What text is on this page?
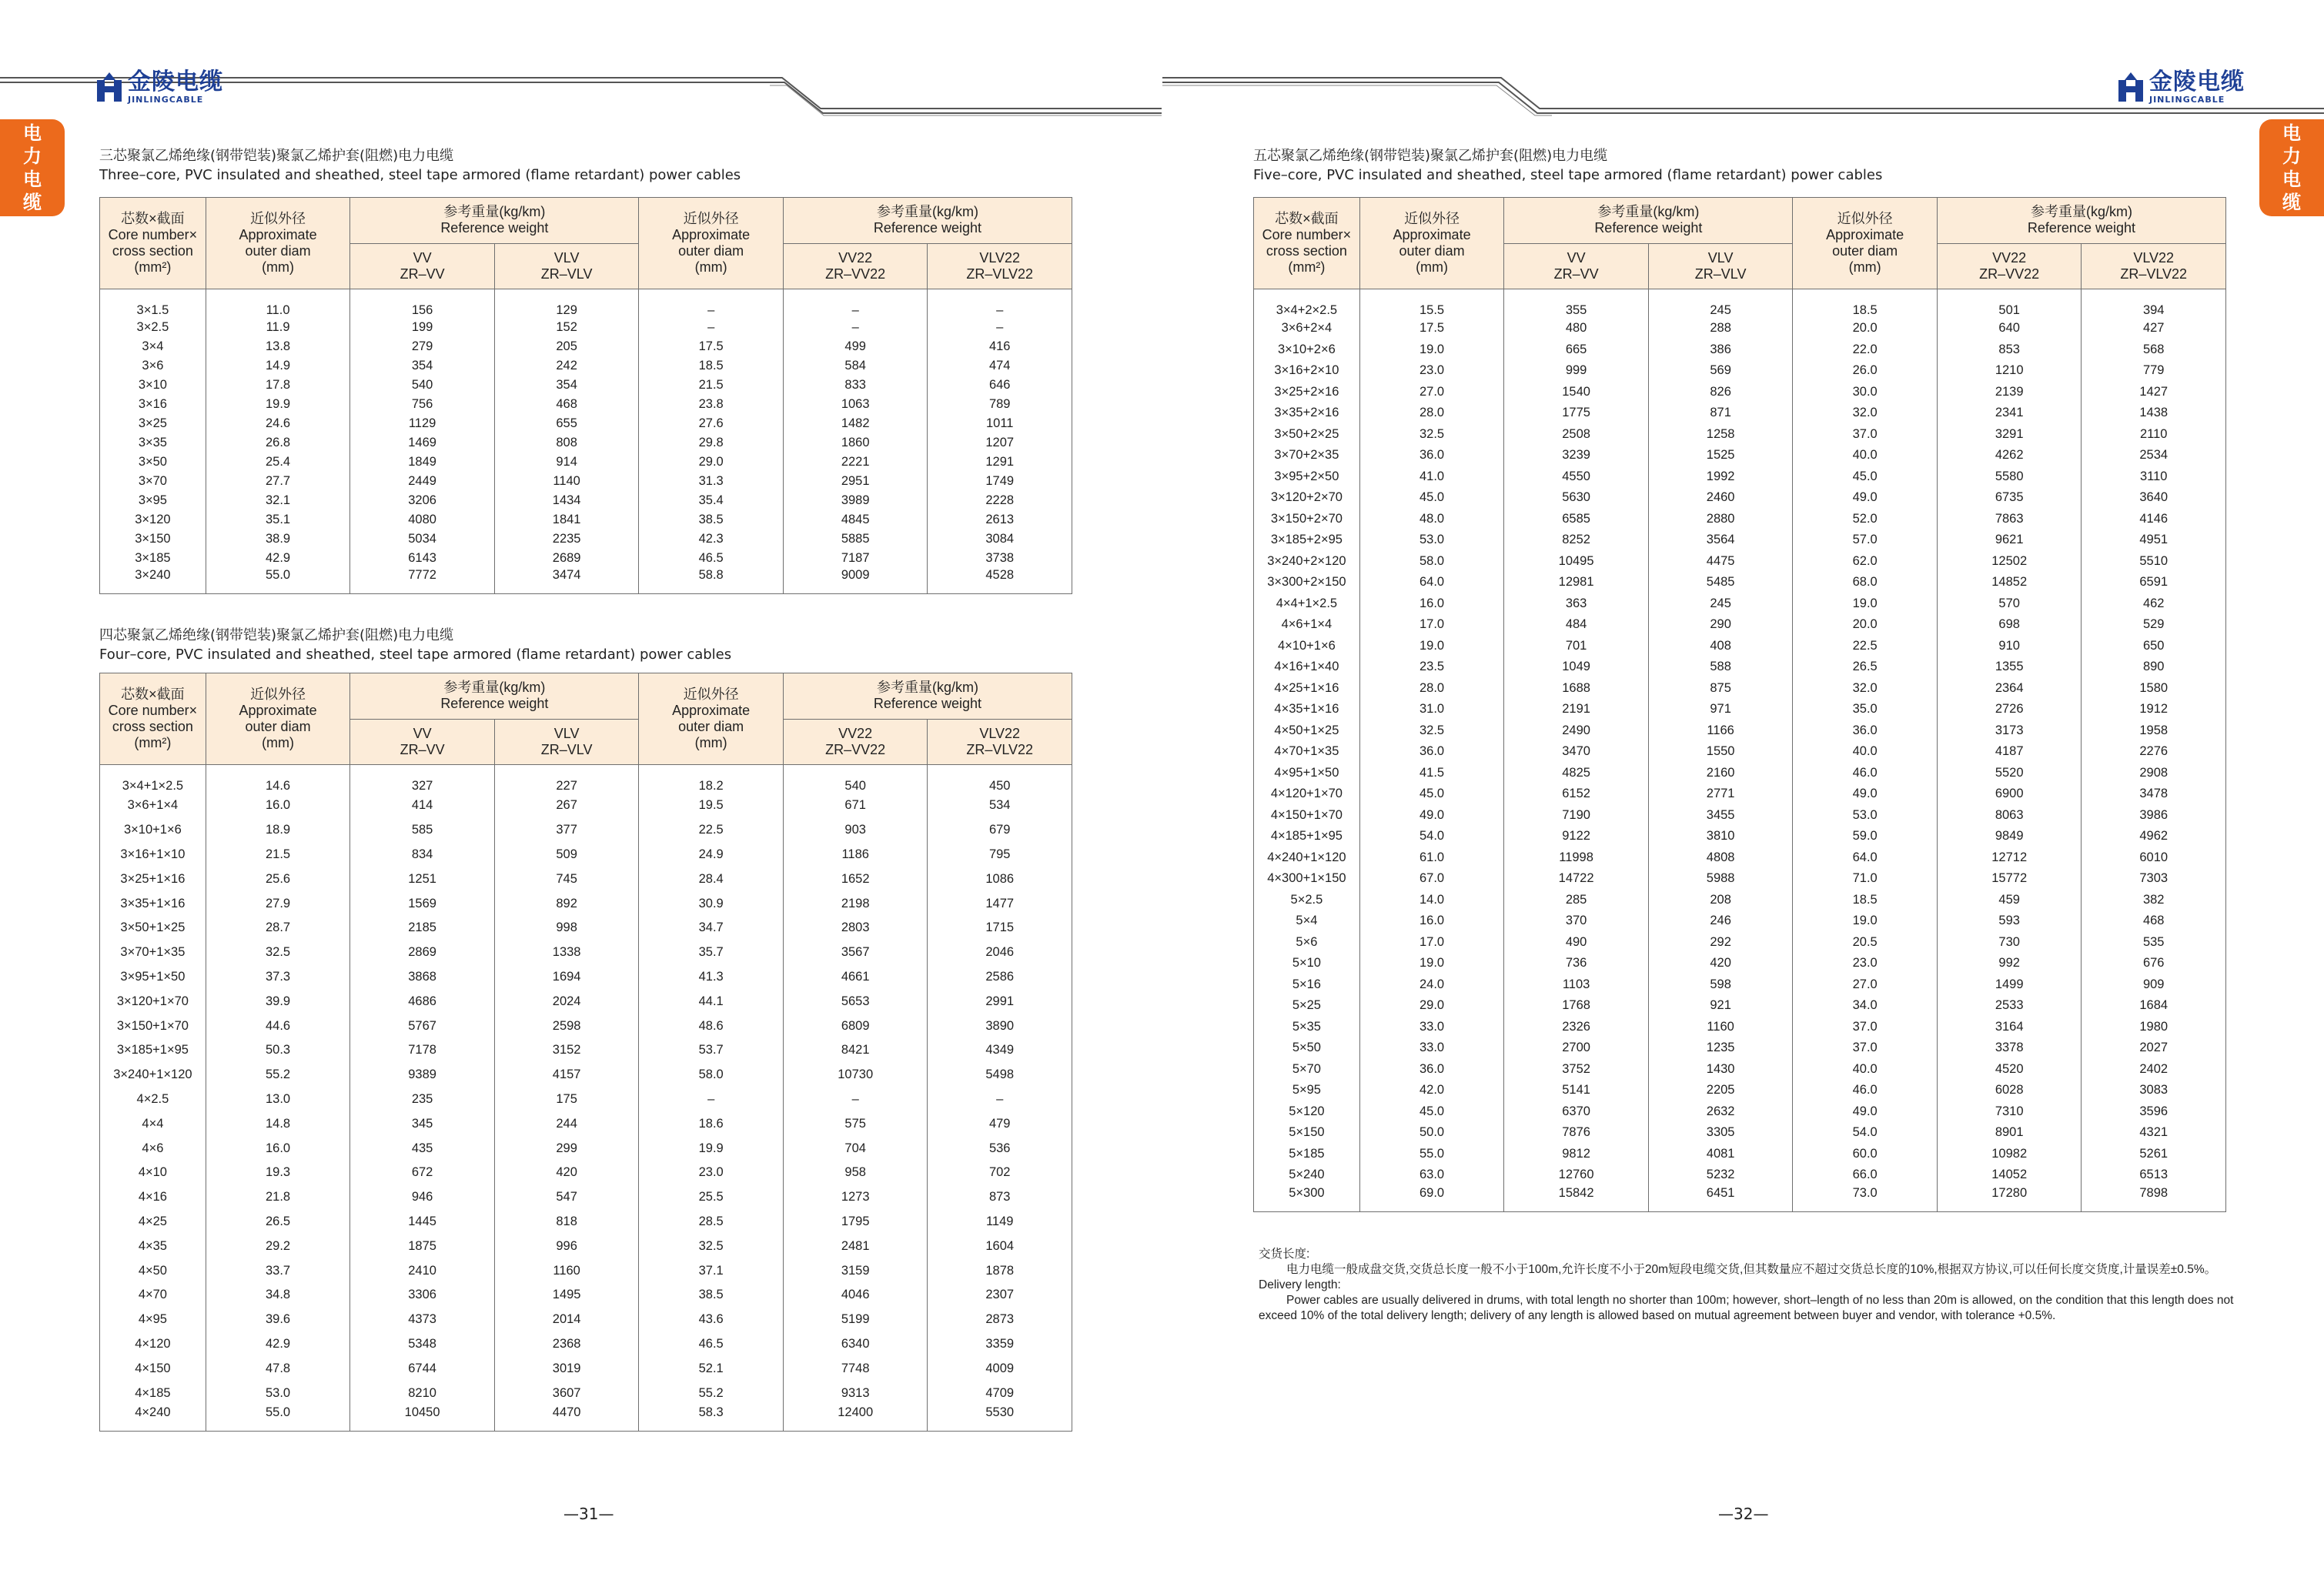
金陵电缆
JINLINGCABLE
电
力
电
缆
三芯聚氯乙烯绝缘(钢带铠装)聚氯乙烯护套(阻燃)电力电缆
Three–core, PVC insulated and sheathed, steel tape armored (flame retardant) power cables
芯数×截面
Core number×
cross section
(mm²)	近似外径
Approximate
outer diam
(mm)	参考重量(kg/km)
Reference weight		近似外径
Approximate
outer diam
(mm)	参考重量(kg/km)
Reference weight	
		VV
ZR–VV	VLV
ZR–VLV		VV22
ZR–VV22	VLV22
ZR–VLV22
3×1.5	11.0	156	129	–	–	–
3×2.5	11.9	199	152	–	–	–
3×4	13.8	279	205	17.5	499	416
3×6	14.9	354	242	18.5	584	474
3×10	17.8	540	354	21.5	833	646
3×16	19.9	756	468	23.8	1063	789
3×25	24.6	1129	655	27.6	1482	1011
3×35	26.8	1469	808	29.8	1860	1207
3×50	25.4	1849	914	29.0	2221	1291
3×70	27.7	2449	1140	31.3	2951	1749
3×95	32.1	3206	1434	35.4	3989	2228
3×120	35.1	4080	1841	38.5	4845	2613
3×150	38.9	5034	2235	42.3	5885	3084
3×185	42.9	6143	2689	46.5	7187	3738
3×240	55.0	7772	3474	58.8	9009	4528
四芯聚氯乙烯绝缘(钢带铠装)聚氯乙烯护套(阻燃)电力电缆
Four–core, PVC insulated and sheathed, steel tape armored (flame retardant) power cables
芯数×截面
Core number×
cross section
(mm²)	近似外径
Approximate
outer diam
(mm)	参考重量(kg/km)
Reference weight		近似外径
Approximate
outer diam
(mm)	参考重量(kg/km)
Reference weight	
		VV
ZR–VV	VLV
ZR–VLV		VV22
ZR–VV22	VLV22
ZR–VLV22
3×4+1×2.5	14.6	327	227	18.2	540	450
3×6+1×4	16.0	414	267	19.5	671	534
3×10+1×6	18.9	585	377	22.5	903	679
3×16+1×10	21.5	834	509	24.9	1186	795
3×25+1×16	25.6	1251	745	28.4	1652	1086
3×35+1×16	27.9	1569	892	30.9	2198	1477
3×50+1×25	28.7	2185	998	34.7	2803	1715
3×70+1×35	32.5	2869	1338	35.7	3567	2046
3×95+1×50	37.3	3868	1694	41.3	4661	2586
3×120+1×70	39.9	4686	2024	44.1	5653	2991
3×150+1×70	44.6	5767	2598	48.6	6809	3890
3×185+1×95	50.3	7178	3152	53.7	8421	4349
3×240+1×120	55.2	9389	4157	58.0	10730	5498
4×2.5	13.0	235	175	–	–	–
4×4	14.8	345	244	18.6	575	479
4×6	16.0	435	299	19.9	704	536
4×10	19.3	672	420	23.0	958	702
4×16	21.8	946	547	25.5	1273	873
4×25	26.5	1445	818	28.5	1795	1149
4×35	29.2	1875	996	32.5	2481	1604
4×50	33.7	2410	1160	37.1	3159	1878
4×70	34.8	3306	1495	38.5	4046	2307
4×95	39.6	4373	2014	43.6	5199	2873
4×120	42.9	5348	2368	46.5	6340	3359
4×150	47.8	6744	3019	52.1	7748	4009
4×185	53.0	8210	3607	55.2	9313	4709
4×240	55.0	10450	4470	58.3	12400	5530
—31—
金陵电缆
JINLINGCABLE
电
力
电
缆
五芯聚氯乙烯绝缘(钢带铠装)聚氯乙烯护套(阻燃)电力电缆
Five–core, PVC insulated and sheathed, steel tape armored (flame retardant) power cables
芯数×截面
Core number×
cross section
(mm²)	近似外径
Approximate
outer diam
(mm)	参考重量(kg/km)
Reference weight		近似外径
Approximate
outer diam
(mm)	参考重量(kg/km)
Reference weight	
		VV
ZR–VV	VLV
ZR–VLV		VV22
ZR–VV22	VLV22
ZR–VLV22
3×4+2×2.5	15.5	355	245	18.5	501	394
3×6+2×4	17.5	480	288	20.0	640	427
3×10+2×6	19.0	665	386	22.0	853	568
3×16+2×10	23.0	999	569	26.0	1210	779
3×25+2×16	27.0	1540	826	30.0	2139	1427
3×35+2×16	28.0	1775	871	32.0	2341	1438
3×50+2×25	32.5	2508	1258	37.0	3291	2110
3×70+2×35	36.0	3239	1525	40.0	4262	2534
3×95+2×50	41.0	4550	1992	45.0	5580	3110
3×120+2×70	45.0	5630	2460	49.0	6735	3640
3×150+2×70	48.0	6585	2880	52.0	7863	4146
3×185+2×95	53.0	8252	3564	57.0	9621	4951
3×240+2×120	58.0	10495	4475	62.0	12502	5510
3×300+2×150	64.0	12981	5485	68.0	14852	6591
4×4+1×2.5	16.0	363	245	19.0	570	462
4×6+1×4	17.0	484	290	20.0	698	529
4×10+1×6	19.0	701	408	22.5	910	650
4×16+1×40	23.5	1049	588	26.5	1355	890
4×25+1×16	28.0	1688	875	32.0	2364	1580
4×35+1×16	31.0	2191	971	35.0	2726	1912
4×50+1×25	32.5	2490	1166	36.0	3173	1958
4×70+1×35	36.0	3470	1550	40.0	4187	2276
4×95+1×50	41.5	4825	2160	46.0	5520	2908
4×120+1×70	45.0	6152	2771	49.0	6900	3478
4×150+1×70	49.0	7190	3455	53.0	8063	3986
4×185+1×95	54.0	9122	3810	59.0	9849	4962
4×240+1×120	61.0	11998	4808	64.0	12712	6010
4×300+1×150	67.0	14722	5988	71.0	15772	7303
5×2.5	14.0	285	208	18.5	459	382
5×4	16.0	370	246	19.0	593	468
5×6	17.0	490	292	20.5	730	535
5×10	19.0	736	420	23.0	992	676
5×16	24.0	1103	598	27.0	1499	909
5×25	29.0	1768	921	34.0	2533	1684
5×35	33.0	2326	1160	37.0	3164	1980
5×50	33.0	2700	1235	37.0	3378	2027
5×70	36.0	3752	1430	40.0	4520	2402
5×95	42.0	5141	2205	46.0	6028	3083
5×120	45.0	6370	2632	49.0	7310	3596
5×150	50.0	7876	3305	54.0	8901	4321
5×185	55.0	9812	4081	60.0	10982	5261
5×240	63.0	12760	5232	66.0	14052	6513
5×300	69.0	15842	6451	73.0	17280	7898

交货长度:

电力电缆一般成盘交货,交货总长度一般不小于100m,允许长度不小于20m短段电缆交货,但其数量应不超过交货总长度的10%,根据双方协议,可以任何长度交货度,计量误差±0.5%。

Delivery length:

Power cables are usually delivered in drums, with total length no shorter than 100m; however, short–length of no less than 20m is allowed, on the condition that this length does not exceed 10% of the total delivery length; delivery of any length is allowed based on mutual agreement between buyer and vendor, with tolerance +0.5%.

—32—
